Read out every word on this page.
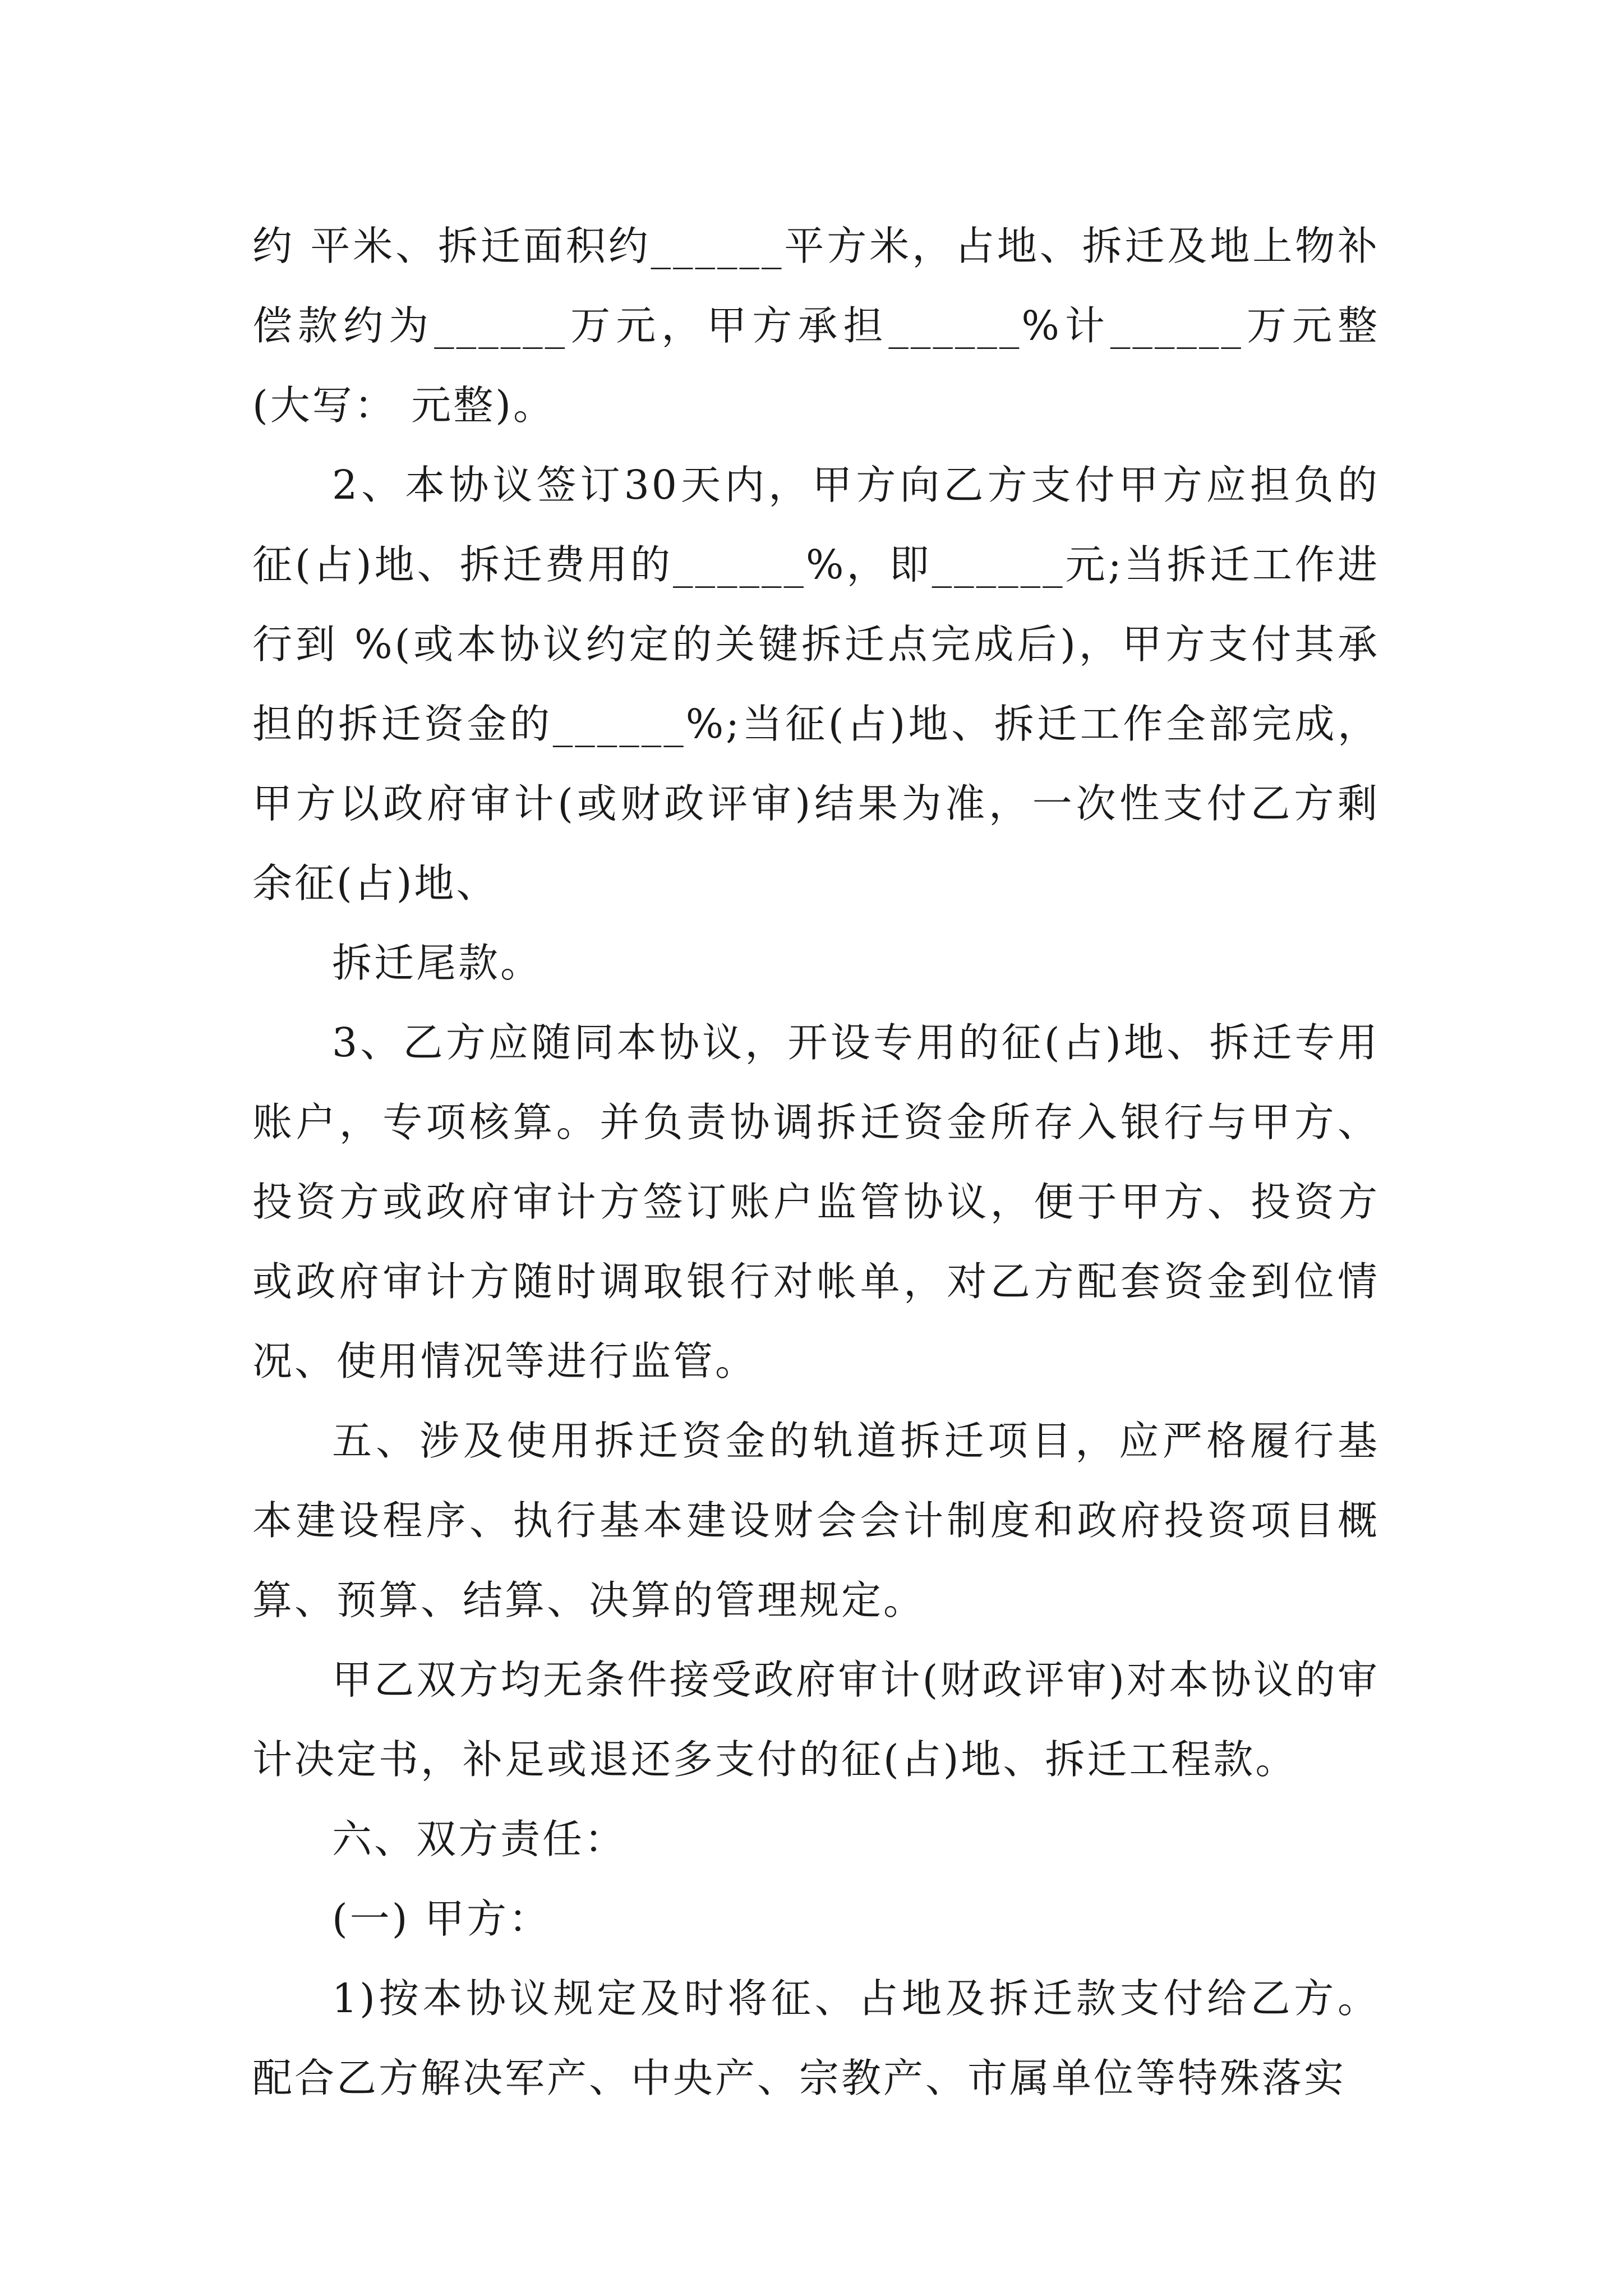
约 平米、拆迁面积约______平方米，占地、拆迁及地上物补偿款约为______万元，甲方承担______%计______万元整(大写： 元整)。

2、本协议签订30天内，甲方向乙方支付甲方应担负的征(占)地、拆迁费用的______%，即______元;当拆迁工作进行到 %(或本协议约定的关键拆迁点完成后)，甲方支付其承担的拆迁资金的______%;当征(占)地、拆迁工作全部完成，甲方以政府审计(或财政评审)结果为准，一次性支付乙方剩余征(占)地、

拆迁尾款。

3、乙方应随同本协议，开设专用的征(占)地、拆迁专用账户，专项核算。并负责协调拆迁资金所存入银行与甲方、投资方或政府审计方签订账户监管协议，便于甲方、投资方或政府审计方随时调取银行对帐单，对乙方配套资金到位情况、使用情况等进行监管。

五、涉及使用拆迁资金的轨道拆迁项目，应严格履行基本建设程序、执行基本建设财会会计制度和政府投资项目概算、预算、结算、决算的管理规定。

甲乙双方均无条件接受政府审计(财政评审)对本协议的审计决定书，补足或退还多支付的征(占)地、拆迁工程款。

六、双方责任：

(一) 甲方：

1)按本协议规定及时将征、占地及拆迁款支付给乙方。配合乙方解决军产、中央产、宗教产、市属单位等特殊落实
